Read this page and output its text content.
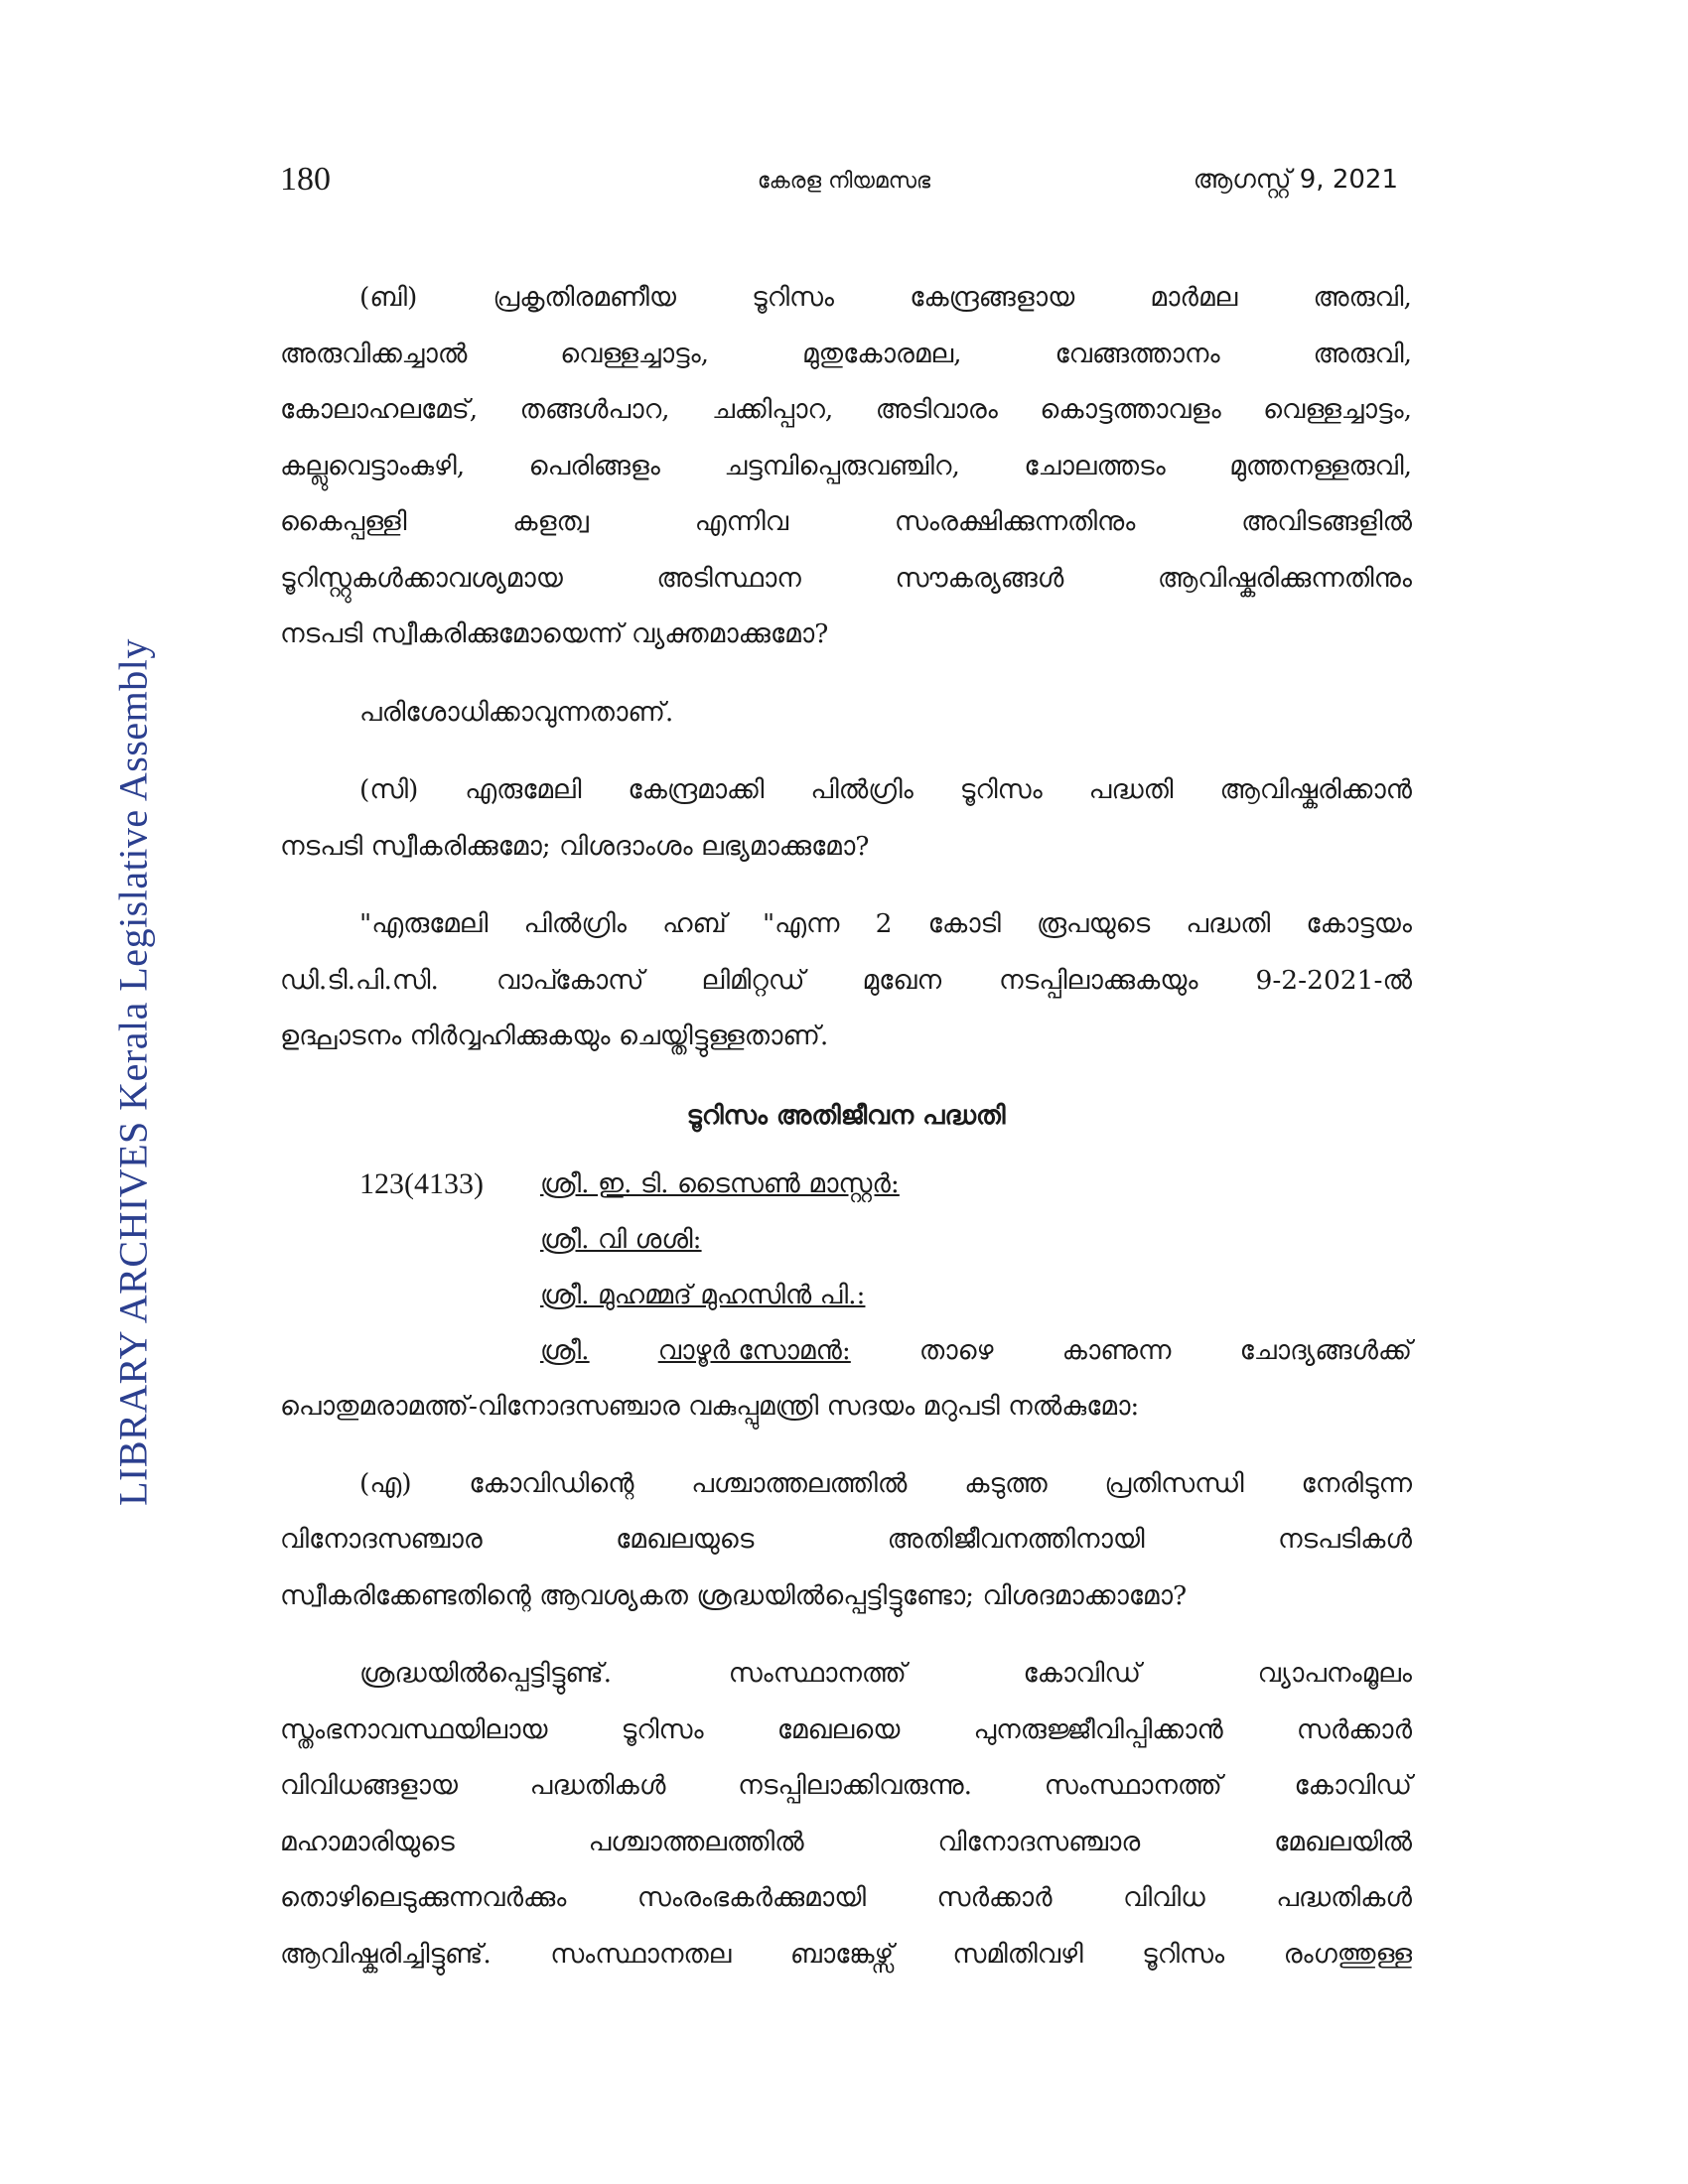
180	കേരള നിയമസഭ	ആഗസ്റ്റ് 9, 2021
LIBRARY ARCHIVES Kerala Legislative Assembly
(ബി) പ്രകൃതിരമണീയ ടൂറിസം കേന്ദ്രങ്ങളായ മാർമല അരുവി,
അരുവിക്കച്ചാൽ വെള്ളച്ചാട്ടം, മുതുകോരമല, വേങ്ങത്താനം അരുവി,
കോലാഹലമേട്, തങ്ങൾപാറ, ചക്കിപ്പാറ, അടിവാരം കൊട്ടത്താവളം വെള്ളച്ചാട്ടം,
കല്ലുവെട്ടാംകുഴി, പെരിങ്ങളം ചട്ടമ്പിപ്പെരുവഞ്ചിറ, ചോലത്തടം മുത്തനള്ളരുവി,
കൈപ്പള്ളി കളത്വ എന്നിവ സംരക്ഷിക്കുന്നതിനും അവിടങ്ങളിൽ
ടൂറിസ്റ്റുകൾക്കാവശ്യമായ അടിസ്ഥാന സൗകര്യങ്ങൾ ആവിഷ്കരിക്കുന്നതിനും
നടപടി സ്വീകരിക്കുമോയെന്ന് വ്യക്തമാക്കുമോ?
പരിശോധിക്കാവുന്നതാണ്.
(സി) എരുമേലി കേന്ദ്രമാക്കി പിൽഗ്രിം ടൂറിസം പദ്ധതി ആവിഷ്കരിക്കാൻ
നടപടി സ്വീകരിക്കുമോ; വിശദാംശം ലഭ്യമാക്കുമോ?
"എരുമേലി പിൽഗ്രിം ഹബ് "എന്ന 2 കോടി രൂപയുടെ പദ്ധതി കോട്ടയം
ഡി.ടി.പി.സി. വാപ്കോസ് ലിമിറ്റഡ് മുഖേന നടപ്പിലാക്കുകയും 9-2-2021-ൽ
ഉദ്ഘാടനം നിർവ്വഹിക്കുകയും ചെയ്തിട്ടുള്ളതാണ്.
ടൂറിസം അതിജീവന പദ്ധതി
123(4133)	ശ്രീ. ഇ. ടി. ടൈസൺ മാസ്റ്റർ:
ശ്രീ. വി ശശി:
ശ്രീ. മുഹമ്മദ് മുഹസിൻ പി.:
ശ്രീ.	വാഴൂർ സോമൻ:	താഴെ	കാണുന്ന	ചോദ്യങ്ങൾക്ക്
പൊതുമരാമത്ത്-വിനോദസഞ്ചാര വകുപ്പുമന്ത്രി സദയം മറുപടി നൽകുമോ:
(എ) കോവിഡിന്റെ പശ്ചാത്തലത്തിൽ കടുത്ത പ്രതിസന്ധി നേരിടുന്ന
വിനോദസഞ്ചാര മേഖലയുടെ അതിജീവനത്തിനായി നടപടികൾ
സ്വീകരിക്കേണ്ടതിന്റെ ആവശ്യകത ശ്രദ്ധയിൽപ്പെട്ടിട്ടുണ്ടോ; വിശദമാക്കാമോ?
ശ്രദ്ധയിൽപ്പെട്ടിട്ടുണ്ട്. സംസ്ഥാനത്ത് കോവിഡ് വ്യാപനംമൂലം
സ്തംഭനാവസ്ഥയിലായ ടൂറിസം മേഖലയെ പുനരുജ്ജീവിപ്പിക്കാൻ സർക്കാർ
വിവിധങ്ങളായ പദ്ധതികൾ നടപ്പിലാക്കിവരുന്നു. സംസ്ഥാനത്ത് കോവിഡ്
മഹാമാരിയുടെ പശ്ചാത്തലത്തിൽ വിനോദസഞ്ചാര മേഖലയിൽ
തൊഴിലെടുക്കുന്നവർക്കും സംരംഭകർക്കുമായി സർക്കാർ വിവിധ പദ്ധതികൾ
ആവിഷ്കരിച്ചിട്ടുണ്ട്. സംസ്ഥാനതല ബാങ്കേഴ്സ് സമിതിവഴി ടൂറിസം രംഗത്തുള്ള
